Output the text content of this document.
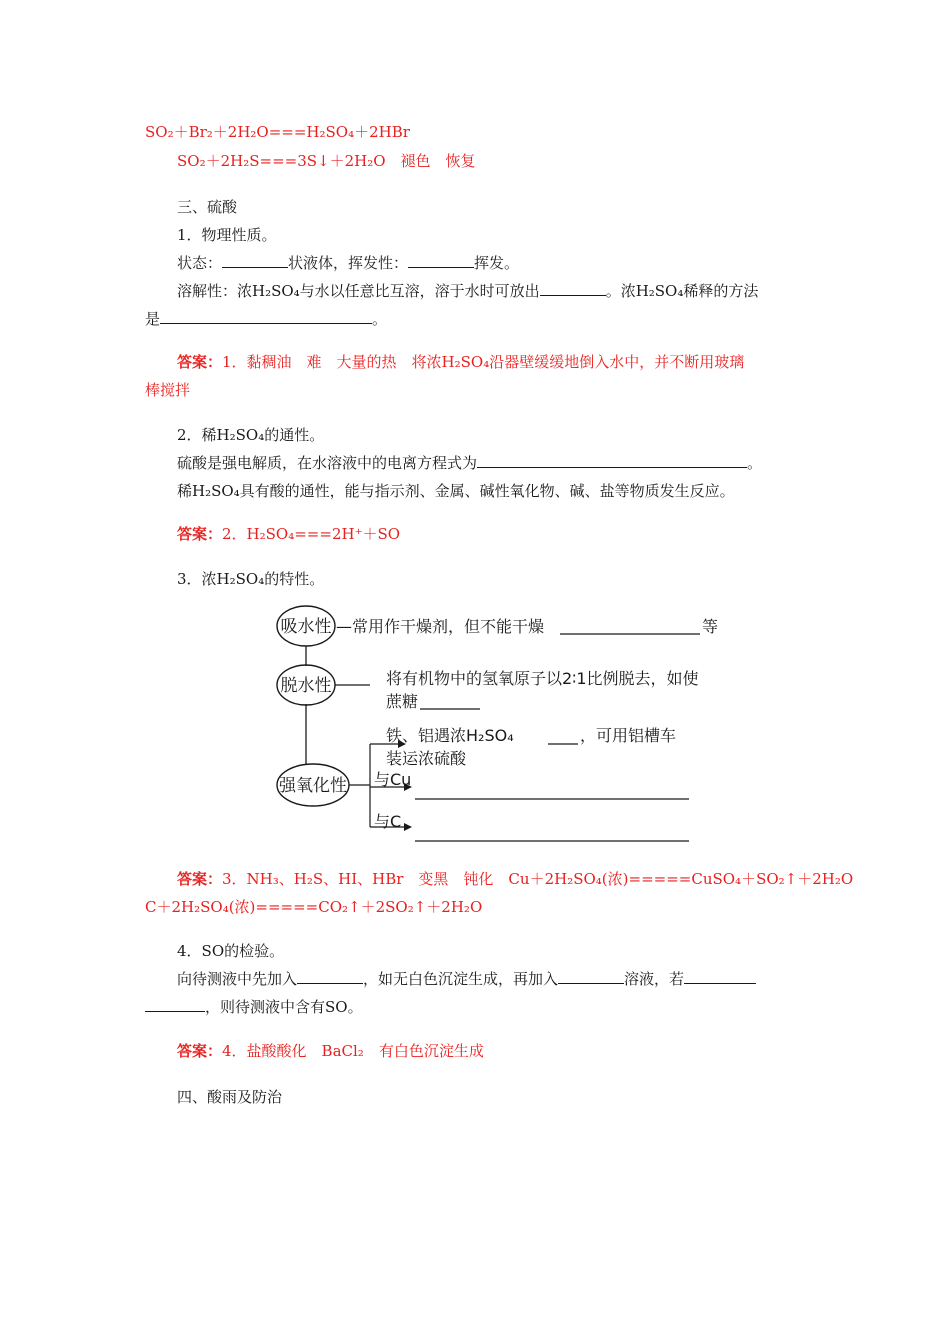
SO₂＋Br₂＋2H₂O===H₂SO₄＋2HBr
SO₂＋2H₂S===3S↓＋2H₂O　褪色　恢复
三、硫酸
1．物理性质。
状态：	状液体，挥发性：	挥发。
溶解性：浓H₂SO₄与水以任意比互溶，溶于水时可放出	。浓H₂SO₄稀释的方法
是	。
答案：1．黏稠油　难　大量的热　将浓H₂SO₄沿器壁缓缓地倒入水中，并不断用玻璃
棒搅拌
2．稀H₂SO₄的通性。
硫酸是强电解质，在水溶液中的电离方程式为	。
稀H₂SO₄具有酸的通性，能与指示剂、金属、碱性氧化物、碱、盐等物质发生反应。
答案：2．H₂SO₄===2H⁺＋SO
3．浓H₂SO₄的特性。
吸水性 —常用作干燥剂，但不能干燥	等
脱水性	将有机物中的氢氧原子以2∶1比例脱去，如使
蔗糖
强氧化性
铁、铝遇浓H₂SO₄	，可用铝槽车
装运浓硫酸
与Cu
与C
答案：3．NH₃、H₂S、HI、HBr　变黑　钝化　Cu＋2H₂SO₄(浓)=====CuSO₄＋SO₂↑＋2H₂O
C＋2H₂SO₄(浓)=====CO₂↑＋2SO₂↑＋2H₂O
4．SO的检验。
向待测液中先加入	，如无白色沉淀生成，再加入	溶液，若
，则待测液中含有SO。
答案：4．盐酸酸化　BaCl₂　有白色沉淀生成
四、酸雨及防治
